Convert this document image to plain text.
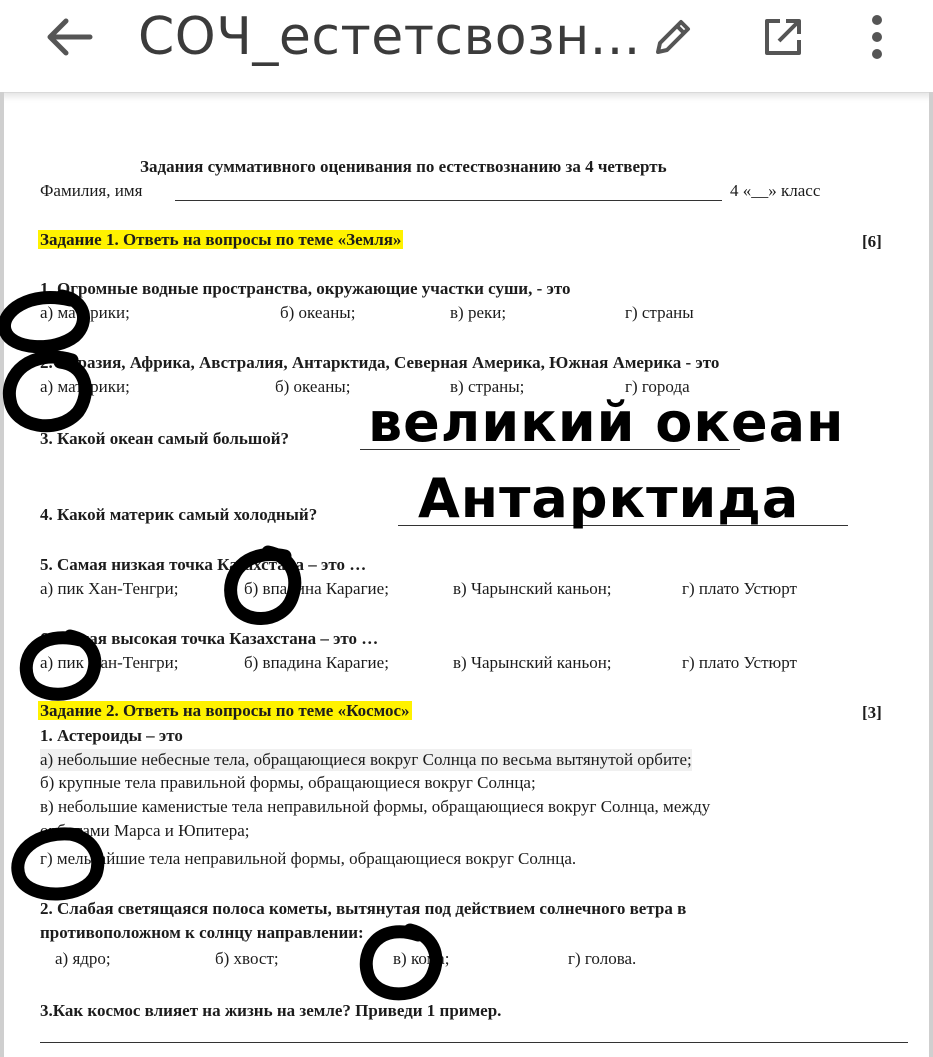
СОЧ_естетсвозн...
Задания суммативного оценивания по естествознанию за 4 четверть
Фамилия, имя	4 «__» класс
Задание 1. Ответь на вопросы по теме «Земля»	[6]
1. Огромные водные пространства, окружающие участки суши, - это
а) материки;	б) океаны;	в) реки;	г) страны
2. Евразия, Африка, Австралия, Антарктида, Северная Америка, Южная Америка - это
а) материки;	б) океаны;	в) страны;	г) города
3. Какой океан самый большой?
4. Какой материк самый холодный?
5. Самая низкая точка Казахстана – это …
а) пик Хан-Тенгри;	б) впадина Карагие;	в) Чарынский каньон;	г) плато Устюрт
6. Самая высокая точка Казахстана – это …
а) пик Хан-Тенгри;	б) впадина Карагие;	в) Чарынский каньон;	г) плато Устюрт
Задание 2. Ответь на вопросы по теме «Космос»	[3]
1. Астероиды – это
а) небольшие небесные тела, обращающиеся вокруг Солнца по весьма вытянутой орбите;
б) крупные тела правильной формы, обращающиеся вокруг Солнца;
в) небольшие каменистые тела неправильной формы, обращающиеся вокруг Солнца, между
орбитами Марса и Юпитера;
г) мельчайшие тела неправильной формы, обращающиеся вокруг Солнца.
2. Слабая светящаяся полоса кометы, вытянутая под действием солнечного ветра в
противоположном к солнцу направлении:
а) ядро;	б) хвост;	в) кома;	г) голова.
3.Как космос влияет на жизнь на земле? Приведи 1 пример.
великий океан
Антарктида
